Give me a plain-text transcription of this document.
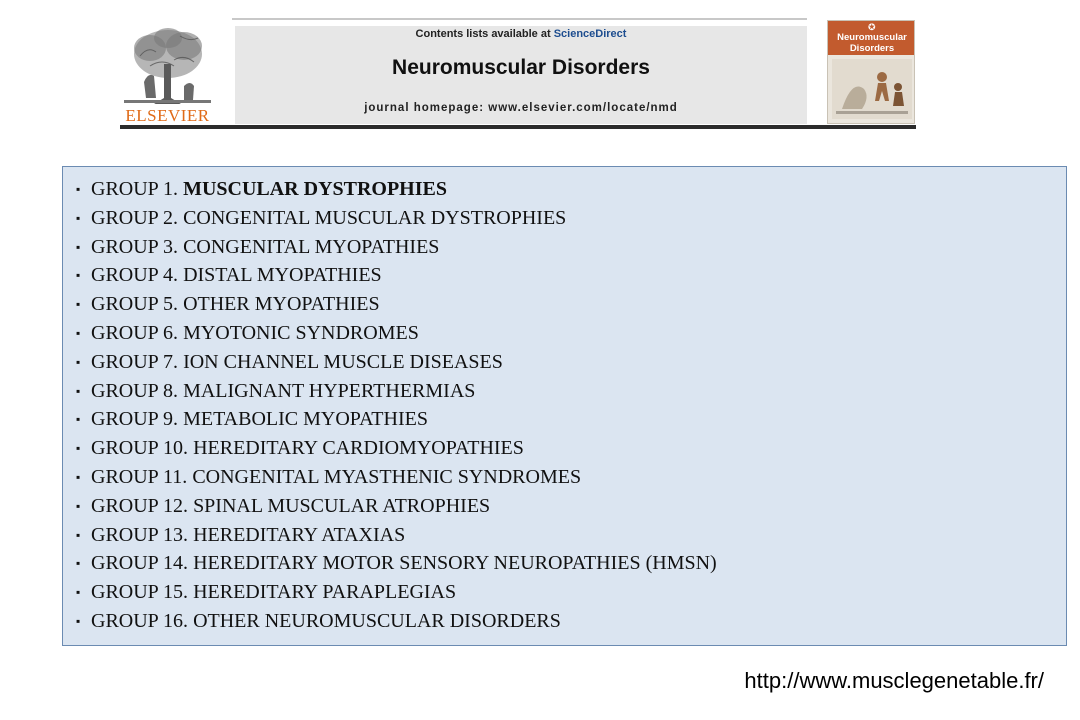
ELSEVIER
Contents lists available at ScienceDirect
Neuromuscular Disorders
journal homepage: www.elsevier.com/locate/nmd
✪
Neuromuscular Disorders
▪ GROUP 1. MUSCULAR DYSTROPHIES
▪ GROUP 2. CONGENITAL MUSCULAR DYSTROPHIES
▪ GROUP 3. CONGENITAL MYOPATHIES
▪ GROUP 4. DISTAL MYOPATHIES
▪ GROUP 5. OTHER MYOPATHIES
▪ GROUP 6. MYOTONIC SYNDROMES
▪ GROUP 7. ION CHANNEL MUSCLE DISEASES
▪ GROUP 8. MALIGNANT HYPERTHERMIAS
▪ GROUP 9. METABOLIC MYOPATHIES
▪ GROUP 10. HEREDITARY CARDIOMYOPATHIES
▪ GROUP 11. CONGENITAL MYASTHENIC SYNDROMES
▪ GROUP 12. SPINAL MUSCULAR ATROPHIES
▪ GROUP 13. HEREDITARY ATAXIAS
▪ GROUP 14. HEREDITARY MOTOR SENSORY NEUROPATHIES (HMSN)
▪ GROUP 15. HEREDITARY PARAPLEGIAS
▪ GROUP 16. OTHER NEUROMUSCULAR DISORDERS
http://www.musclegenetable.fr/
